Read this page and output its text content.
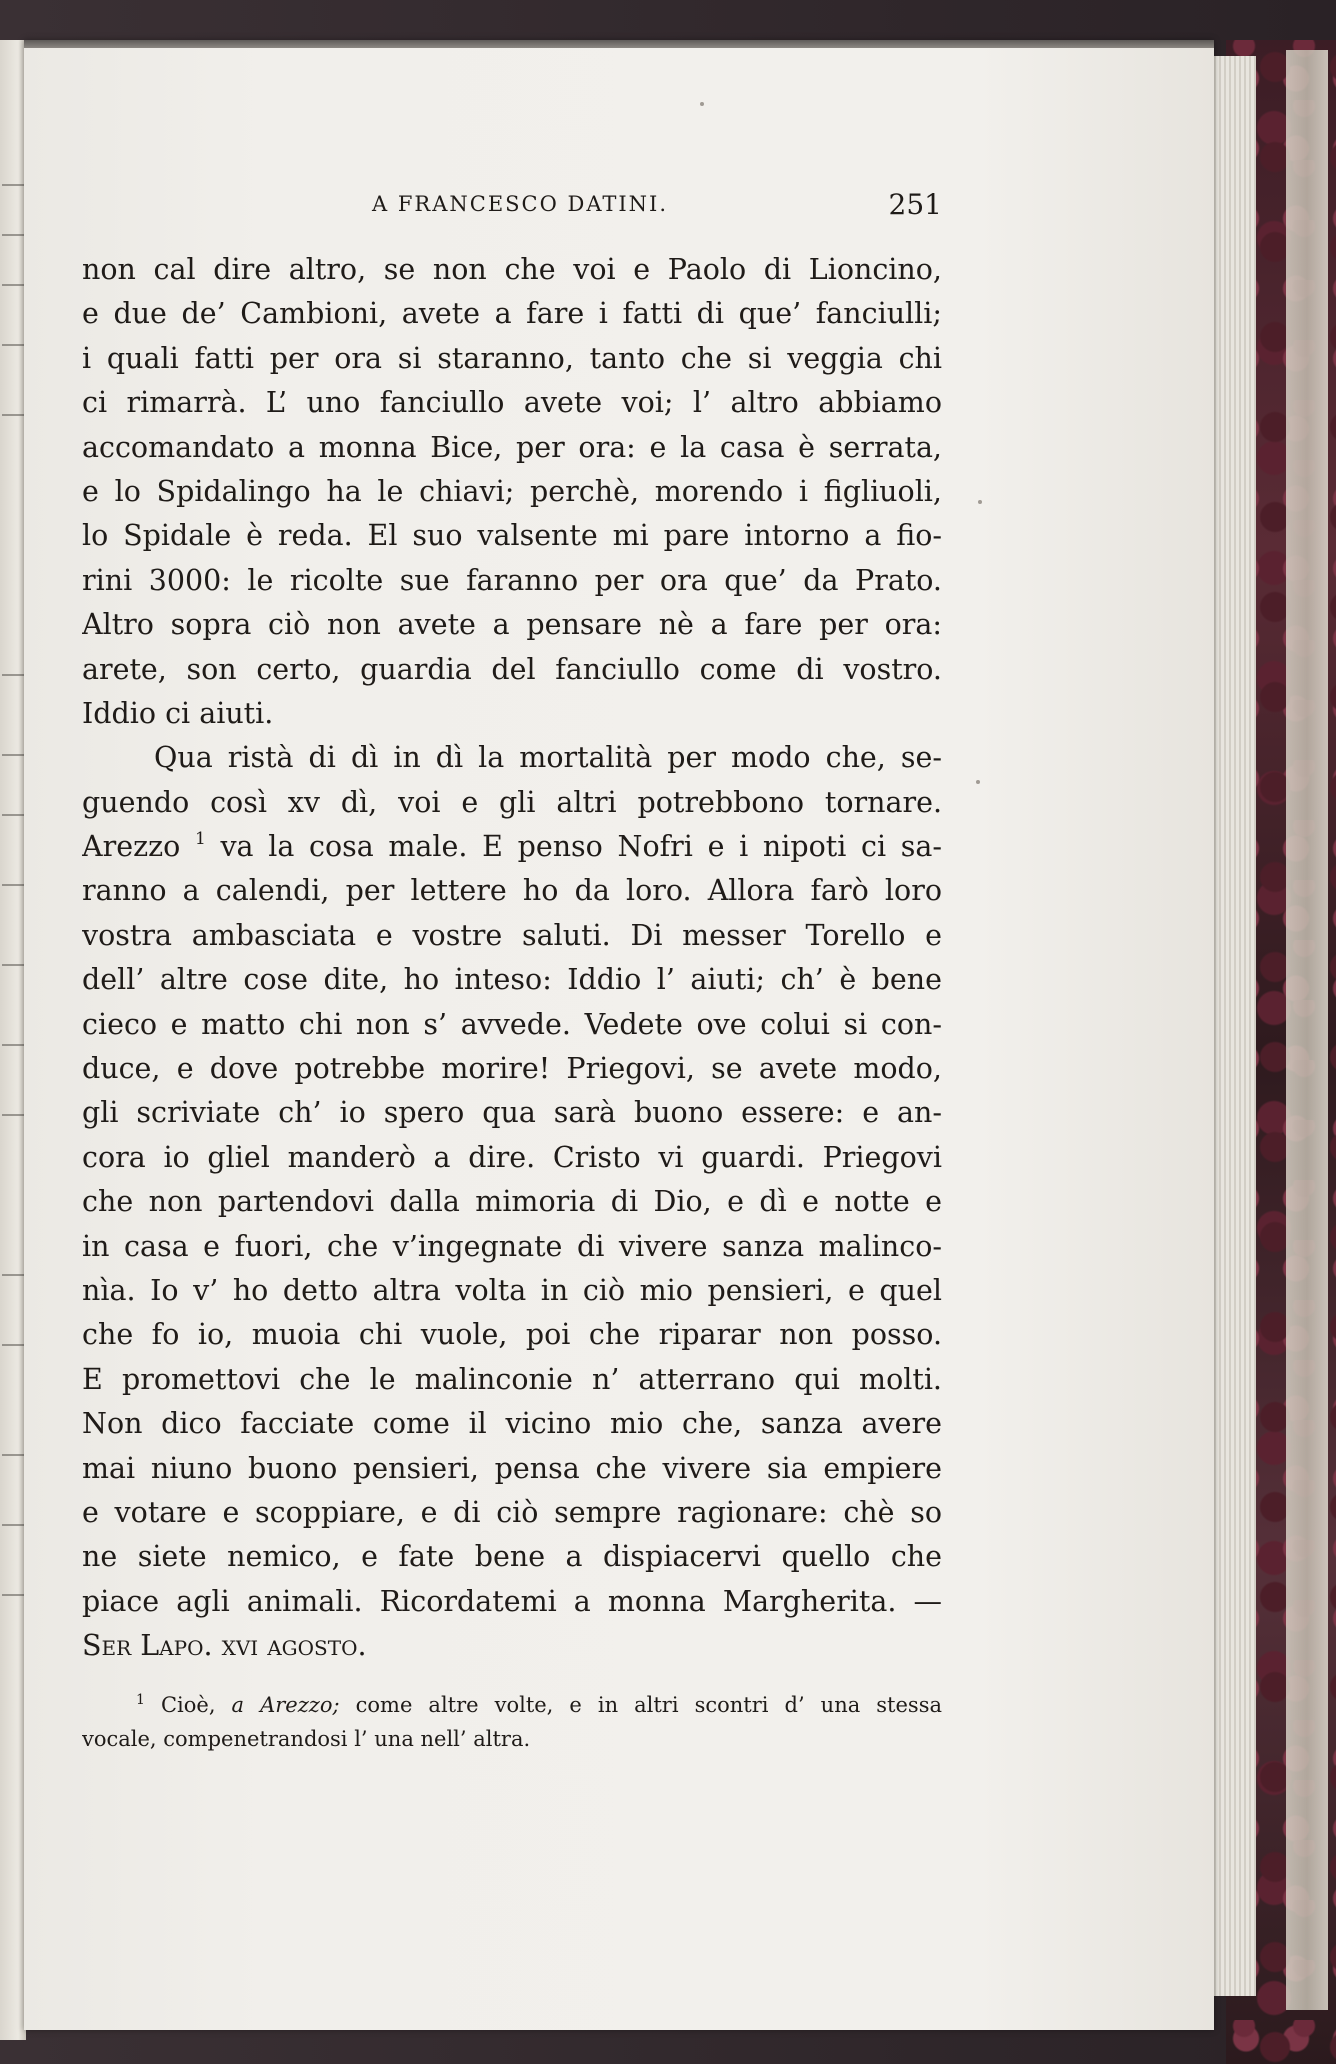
A FRANCESCO DATINI.	251
non cal dire altro, se non che voi e Paolo di Lioncino,
e due de’ Cambioni, avete a fare i fatti di que’ fanciulli;
i quali fatti per ora si staranno, tanto che si veggia chi
ci rimarrà. L’ uno fanciullo avete voi; l’ altro abbiamo
accomandato a monna Bice, per ora: e la casa è serrata,
e lo Spidalingo ha le chiavi; perchè, morendo i figliuoli,
lo Spidale è reda. El suo valsente mi pare intorno a fio-
rini 3000: le ricolte sue faranno per ora que’ da Prato.
Altro sopra ciò non avete a pensare nè a fare per ora:
arete, son certo, guardia del fanciullo come di vostro.
Iddio ci aiuti.
Qua ristà di dì in dì la mortalità per modo che, se-
guendo così xv dì, voi e gli altri potrebbono tornare.
Arezzo $^1$ va la cosa male. E penso Nofri e i nipoti ci sa-
ranno a calendi, per lettere ho da loro. Allora farò loro
vostra ambasciata e vostre saluti. Di messer Torello e
dell’ altre cose dite, ho inteso: Iddio l’ aiuti; ch’ è bene
cieco e matto chi non s’ avvede. Vedete ove colui si con-
duce, e dove potrebbe morire! Priegovi, se avete modo,
gli scriviate ch’ io spero qua sarà buono essere: e an-
cora io gliel manderò a dire. Cristo vi guardi. Priegovi
che non partendovi dalla mimoria di Dio, e dì e notte e
in casa e fuori, che v’ingegnate di vivere sanza malinco-
nìa. Io v’ ho detto altra volta in ciò mio pensieri, e quel
che fo io, muoia chi vuole, poi che riparar non posso.
E promettovi che le malinconie n’ atterrano qui molti.
Non dico facciate come il vicino mio che, sanza avere
mai niuno buono pensieri, pensa che vivere sia empiere
e votare e scoppiare, e di ciò sempre ragionare: chè so
ne siete nemico, e fate bene a dispiacervi quello che
piace agli animali. Ricordatemi a monna Margherita. —
Ser Lapo. xvi agosto.
$^1$ Cioè, a Arezzo; come altre volte, e in altri scontri d’ una stessa
vocale, compenetrandosi l’ una nell’ altra.
